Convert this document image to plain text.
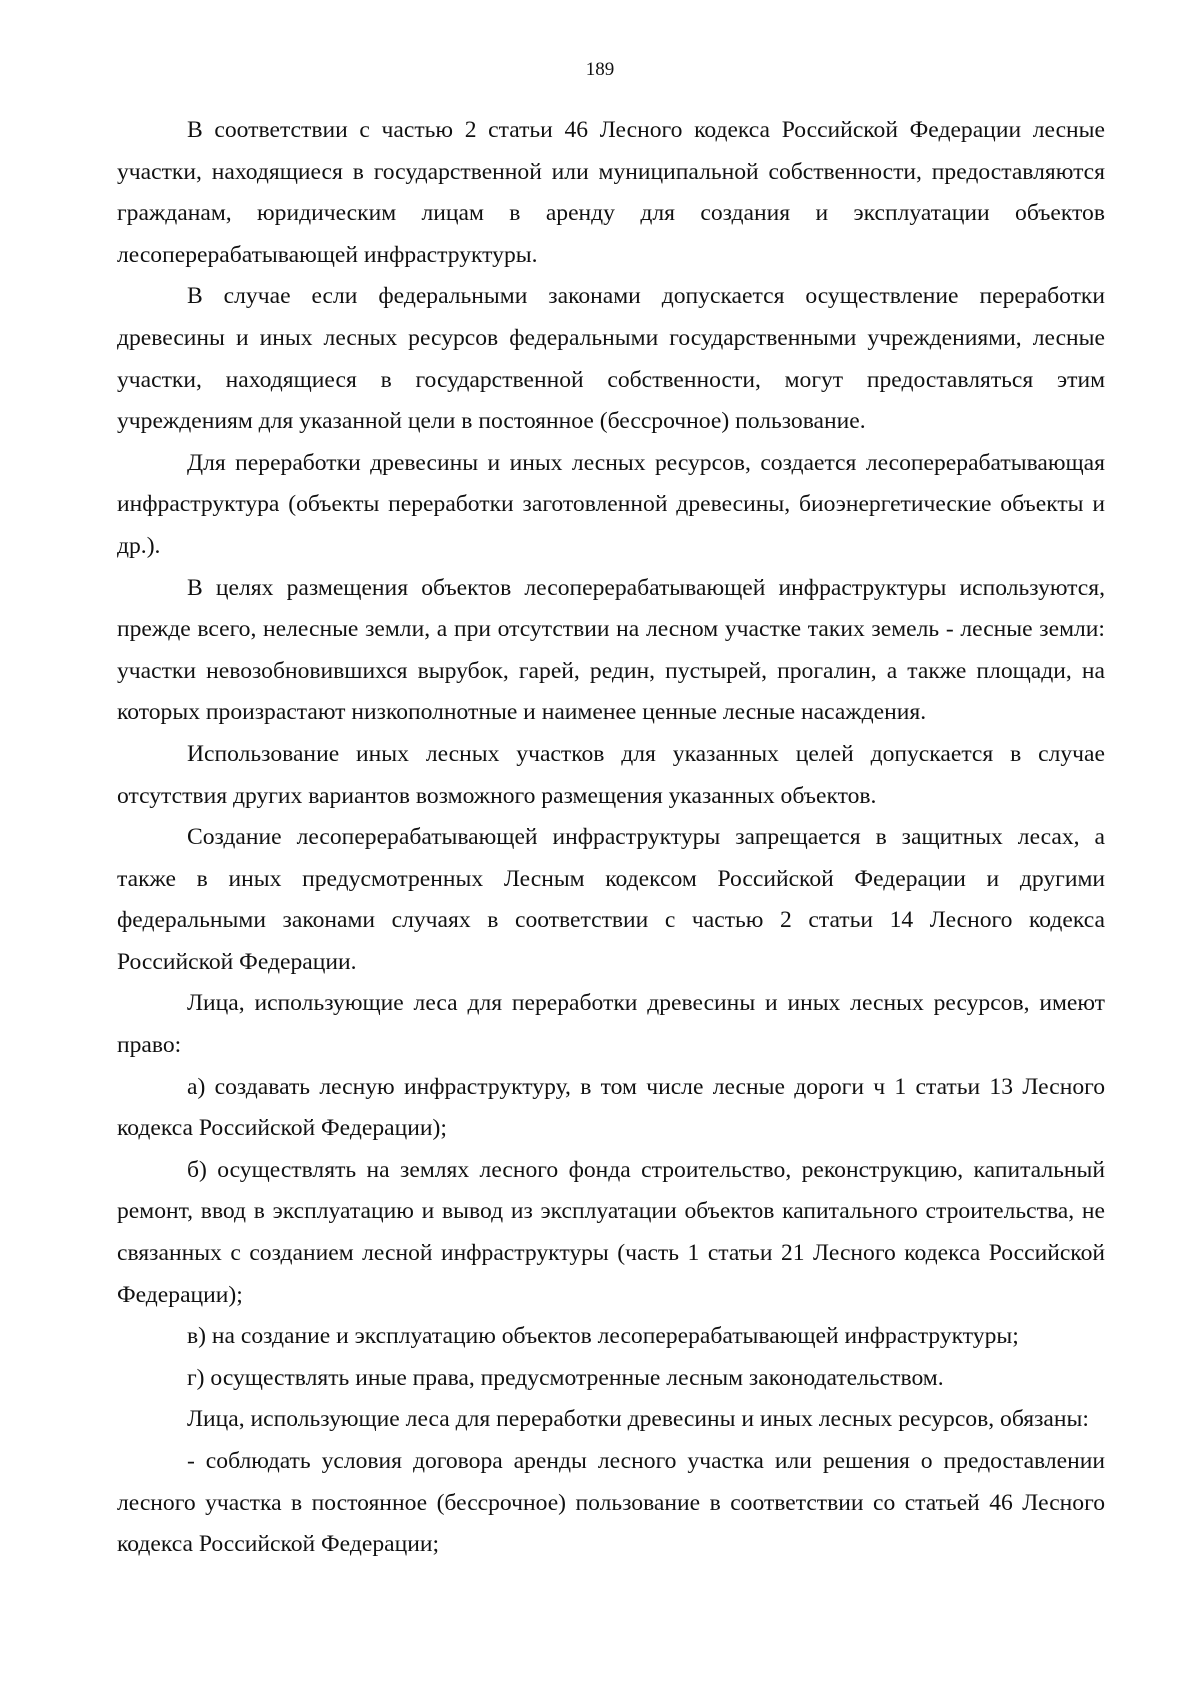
189

В соответствии с частью 2 статьи 46 Лесного кодекса Российской Федерации лесные участки, находящиеся в государственной или муниципальной собственности, предоставляются гражданам, юридическим лицам в аренду для создания и эксплуатации объектов лесоперерабатывающей инфраструктуры.

В случае если федеральными законами допускается осуществление переработки древесины и иных лесных ресурсов федеральными государственными учреждениями, лесные участки, находящиеся в государственной собственности, могут предоставляться этим учреждениям для указанной цели в постоянное (бессрочное) пользование.

Для переработки древесины и иных лесных ресурсов, создается лесоперерабатывающая инфраструктура (объекты переработки заготовленной древесины, биоэнергетические объекты и др.).

В целях размещения объектов лесоперерабатывающей инфраструктуры используются, прежде всего, нелесные земли, а при отсутствии на лесном участке таких земель - лесные земли: участки невозобновившихся вырубок, гарей, редин, пустырей, прогалин, а также площади, на которых произрастают низкополнотные и наименее ценные лесные насаждения.

Использование иных лесных участков для указанных целей допускается в случае отсутствия других вариантов возможного размещения указанных объектов.

Создание лесоперерабатывающей инфраструктуры запрещается в защитных лесах, а также в иных предусмотренных Лесным кодексом Российской Федерации и другими федеральными законами случаях в соответствии с частью 2 статьи 14 Лесного кодекса Российской Федерации.

Лица, использующие леса для переработки древесины и иных лесных ресурсов, имеют право:

а) создавать лесную инфраструктуру, в том числе лесные дороги ч 1 статьи 13 Лесного кодекса Российской Федерации);

б) осуществлять на землях лесного фонда строительство, реконструкцию, капитальный ремонт, ввод в эксплуатацию и вывод из эксплуатации объектов капитального строительства, не связанных с созданием лесной инфраструктуры (часть 1 статьи 21 Лесного кодекса Российской Федерации);

в) на создание и эксплуатацию объектов лесоперерабатывающей инфраструктуры;

г) осуществлять иные права, предусмотренные лесным законодательством.

Лица, использующие леса для переработки древесины и иных лесных ресурсов, обязаны:

- соблюдать условия договора аренды лесного участка или решения о предоставлении лесного участка в постоянное (бессрочное) пользование в соответствии со статьей 46 Лесного кодекса Российской Федерации;
